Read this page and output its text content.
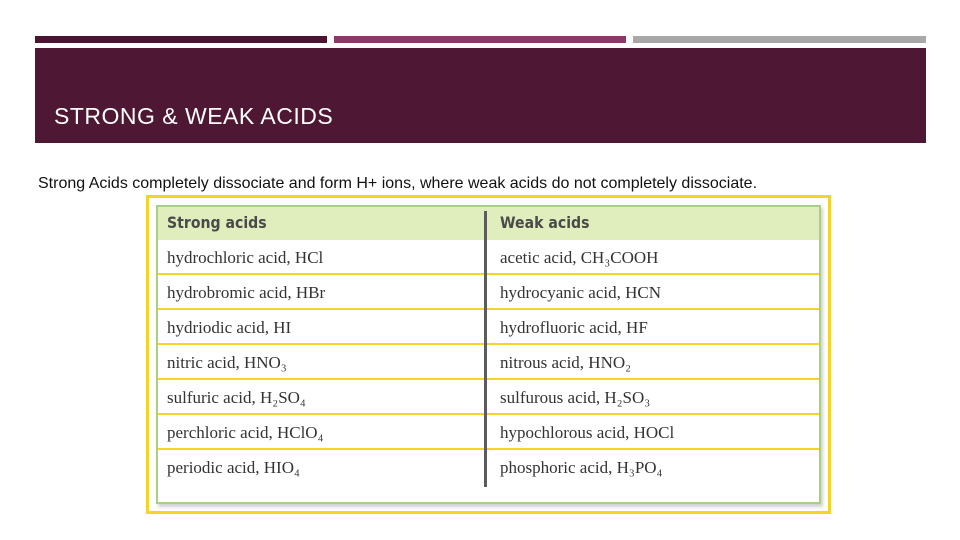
STRONG & WEAK ACIDS
Strong Acids completely dissociate and form H+ ions, where weak acids do not completely dissociate.
Strong acids	Weak acids
hydrochloric acid, HCl	acetic acid, CH₃COOH
hydrobromic acid, HBr	hydrocyanic acid, HCN
hydriodic acid, HI	hydrofluoric acid, HF
nitric acid, HNO₃	nitrous acid, HNO₂
sulfuric acid, H₂SO₄	sulfurous acid, H₂SO₃
perchloric acid, HClO₄	hypochlorous acid, HOCl
periodic acid, HIO₄	phosphoric acid, H₃PO₄
